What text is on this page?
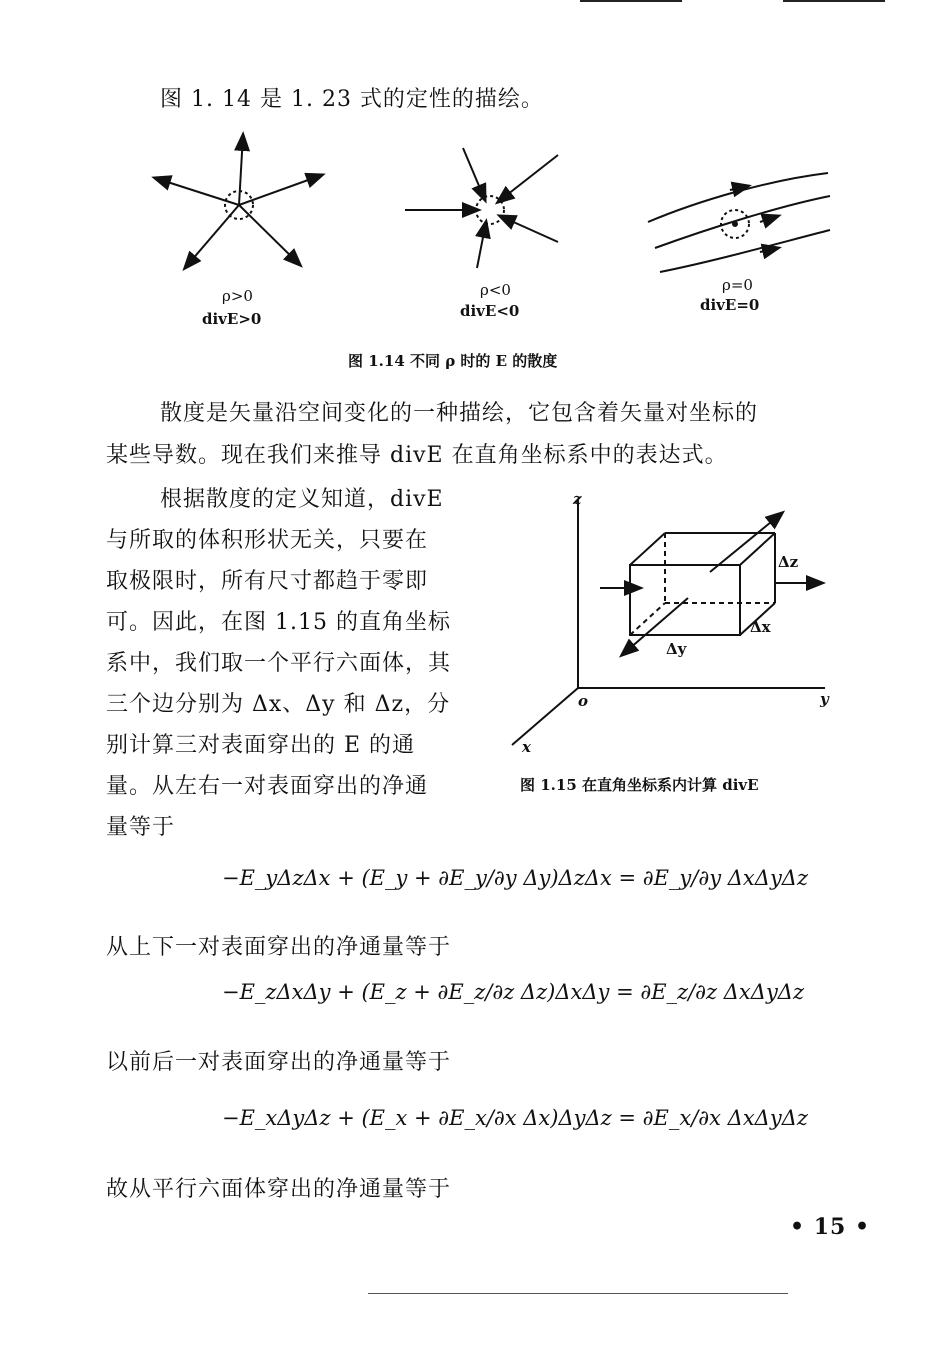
图 1. 14 是 1. 23 式的定性的描绘。
ρ>0
divE>0
ρ<0
divE<0
ρ=0
divE=0
图 1.14 不同 ρ 时的 E 的散度
散度是矢量沿空间变化的一种描绘，它包含着矢量对坐标的
某些导数。现在我们来推导 divE 在直角坐标系中的表达式。
根据散度的定义知道，divE
与所取的体积形状无关，只要在
取极限时，所有尺寸都趋于零即
可。因此，在图 1.15 的直角坐标
系中，我们取一个平行六面体，其
三个边分别为 Δx、Δy 和 Δz，分
别计算三对表面穿出的 E 的通
量。从左右一对表面穿出的净通
量等于
z
y
x
o
Δz
Δx
Δy
图 1.15 在直角坐标系内计算 divE
−E_yΔzΔx + (E_y + ∂E_y/∂y Δy)ΔzΔx = ∂E_y/∂y ΔxΔyΔz
从上下一对表面穿出的净通量等于
−E_zΔxΔy + (E_z + ∂E_z/∂z Δz)ΔxΔy = ∂E_z/∂z ΔxΔyΔz
以前后一对表面穿出的净通量等于
−E_xΔyΔz + (E_x + ∂E_x/∂x Δx)ΔyΔz = ∂E_x/∂x ΔxΔyΔz
故从平行六面体穿出的净通量等于
• 15 •
